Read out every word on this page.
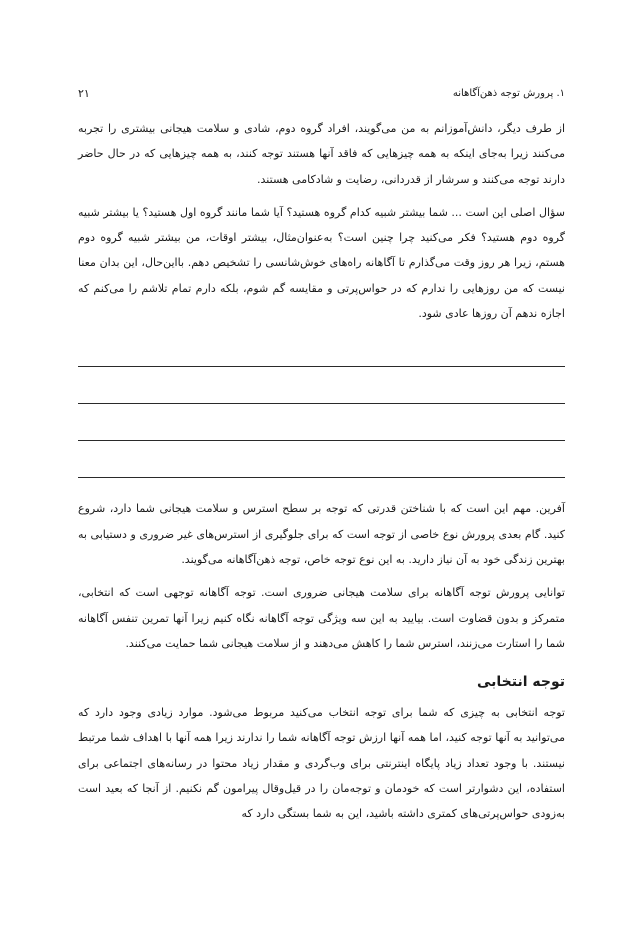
۱. پرورش توجه ذهن‌آگاهانه
۲۱

از طرف دیگر، دانش‌آموزانم به من می‌گویند، افراد گروه دوم، شادی و سلامت هیجانی بیشتری را تجربه می‌کنند زیرا به‌جای اینکه به همه چیزهایی که فاقد آنها هستند توجه کنند، به همه چیزهایی که در حال حاضر دارند توجه می‌کنند و سرشار از قدردانی، رضایت و شادکامی هستند.

سؤال اصلی این است ... شما بیشتر شبیه کدام گروه هستید؟ آیا شما مانند گروه اول هستید؟ یا بیشتر شبیه گروه دوم هستید؟ فکر می‌کنید چرا چنین است؟ به‌عنوان‌مثال، بیشتر اوقات، من بیشتر شبیه گروه دوم هستم، زیرا هر روز وقت می‌گذارم تا آگاهانه راه‌های خوش‌شانسی را تشخیص دهم. بااین‌حال، این بدان معنا نیست که من روزهایی را ندارم که در حواس‌پرتی و مقایسه گم شوم، بلکه دارم تمام تلاشم را می‌کنم که اجازه ندهم آن روزها عادی شود.

آفرین. مهم این است که با شناختن قدرتی که توجه بر سطح استرس و سلامت هیجانی شما دارد، شروع کنید. گام بعدی پرورش نوع خاصی از توجه است که برای جلوگیری از استرس‌های غیر ضروری و دستیابی به بهترین زندگی خود به آن نیاز دارید. به این نوع توجه خاص، توجه ذهن‌آگاهانه می‌گویند.

توانایی پرورش توجه آگاهانه برای سلامت هیجانی ضروری است. توجه آگاهانه توجهی است که انتخابی، متمرکز و بدون قضاوت است. بیایید به این سه ویژگی توجه آگاهانه نگاه کنیم زیرا آنها تمرین تنفس آگاهانه شما را استارت می‌زنند، استرس شما را کاهش می‌دهند و از سلامت هیجانی شما حمایت می‌کنند.

توجه انتخابی

توجه انتخابی به چیزی که شما برای توجه انتخاب می‌کنید مربوط می‌شود. موارد زیادی وجود دارد که می‌توانید به آنها توجه کنید، اما همه آنها ارزش توجه آگاهانه شما را ندارند زیرا همه آنها با اهداف شما مرتبط نیستند. با وجود تعداد زیاد پایگاه اینترنتی برای وب‌گردی و مقدار زیاد محتوا در رسانه‌های اجتماعی برای استفاده، این دشوارتر است که خودمان و توجه‌مان را در قیل‌وقال پیرامون گم نکنیم. از آنجا که بعید است به‌زودی حواس‌پرتی‌های کمتری داشته باشید، این به شما بستگی دارد که
